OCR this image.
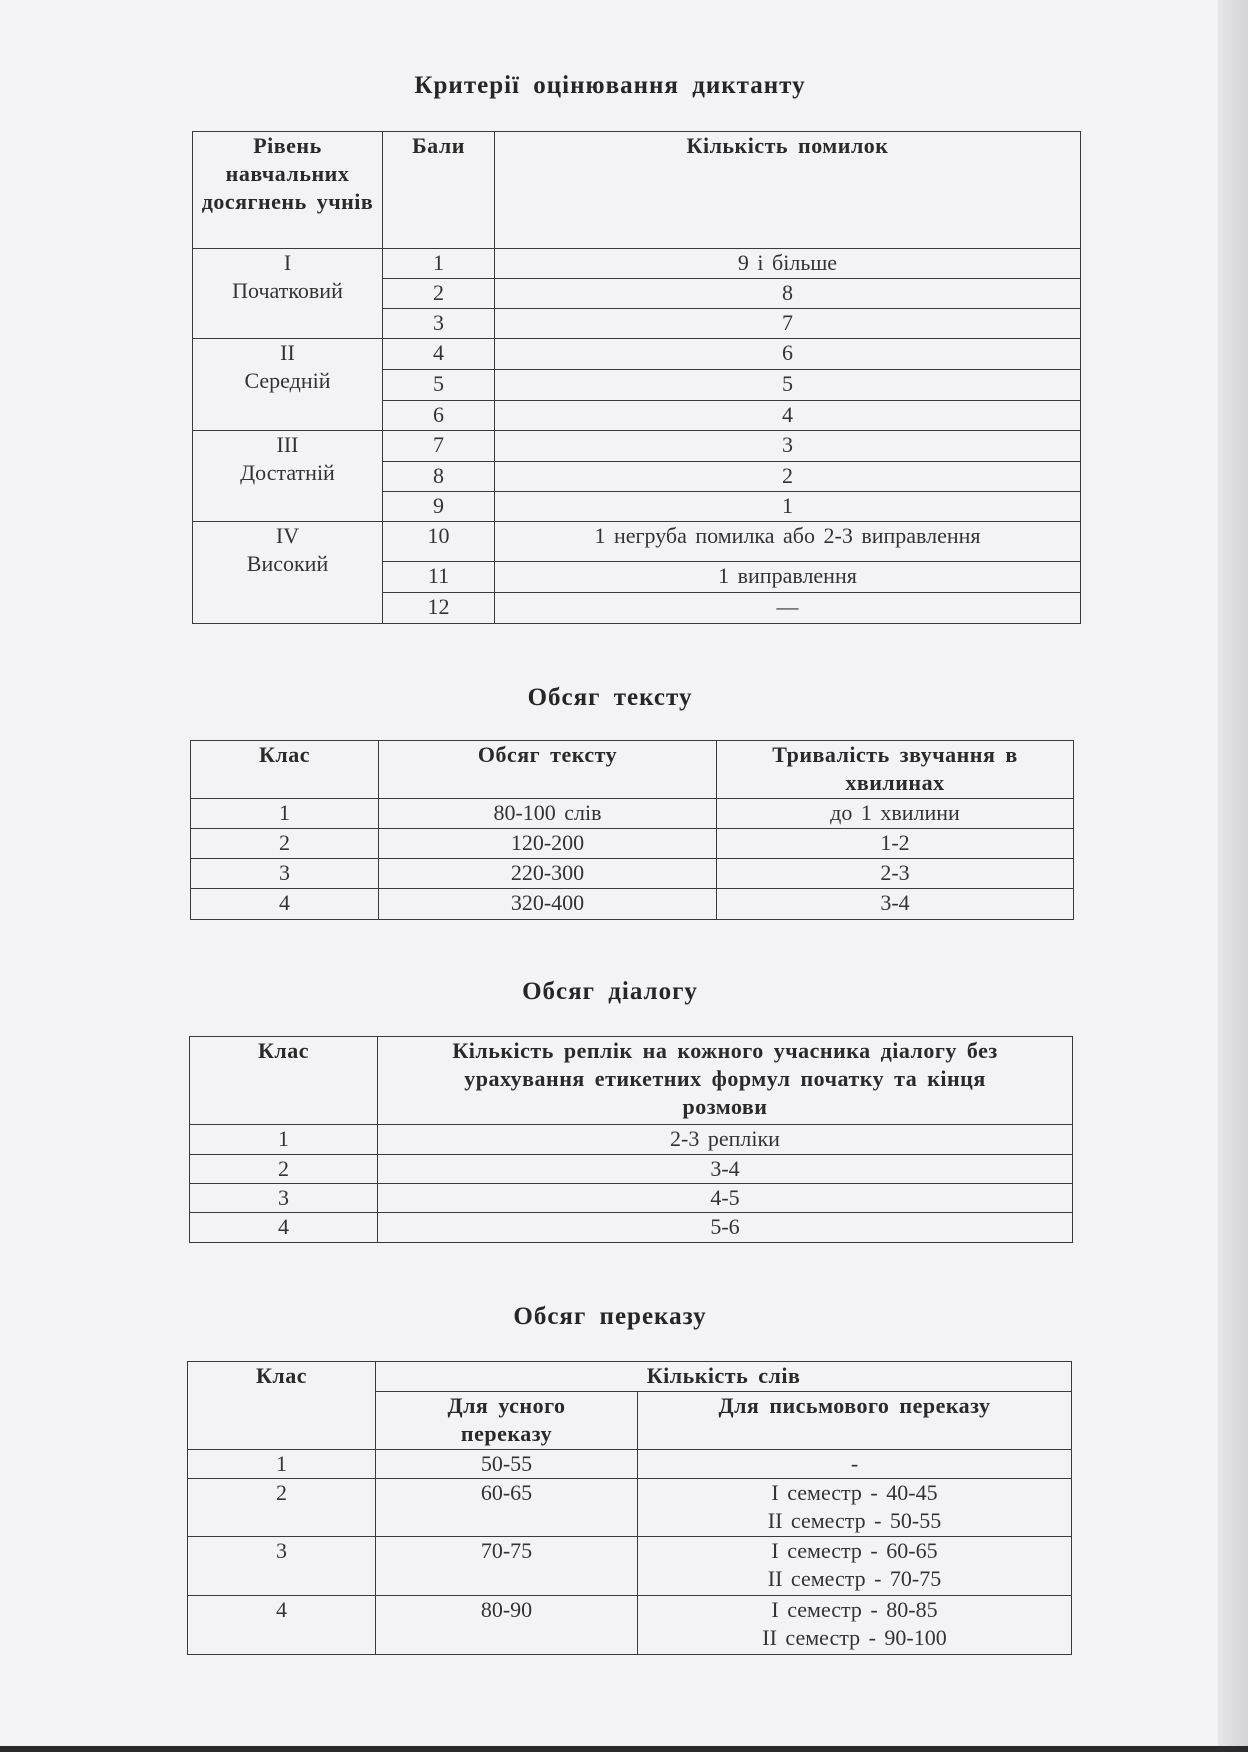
Критерії оцінювання диктанту
Рівень навчальних досягнень учнів	Бали	Кількість помилок

I
Початковий	1	9 і більше
	2	8
	3	7

II
Середній	4	6
	5	5
	6	4

III
Достатній	7	3
	8	2
	9	1

IV
Високий	10	1 негруба помилка або 2-3 виправлення
	11	1 виправлення
	12	—
Обсяг тексту
Клас	Обсяг тексту	Тривалість звучання в хвилинах
1	80-100 слів	до 1 хвилини
2	120-200	1-2
3	220-300	2-3
4	320-400	3-4
Обсяг діалогу
Клас	Кількість реплік на кожного учасника діалогу без урахування етикетних формул початку та кінця розмови
1	2-3 репліки
2	3-4
3	4-5
4	5-6
Обсяг переказу
Клас	Кількість слів	
	Для усного переказу	Для письмового переказу
1	50-55	-

2	60-65	I семестр - 40-45
II семестр - 50-55

3	70-75	I семестр - 60-65
II семестр - 70-75

4	80-90	I семестр - 80-85
II семестр - 90-100
